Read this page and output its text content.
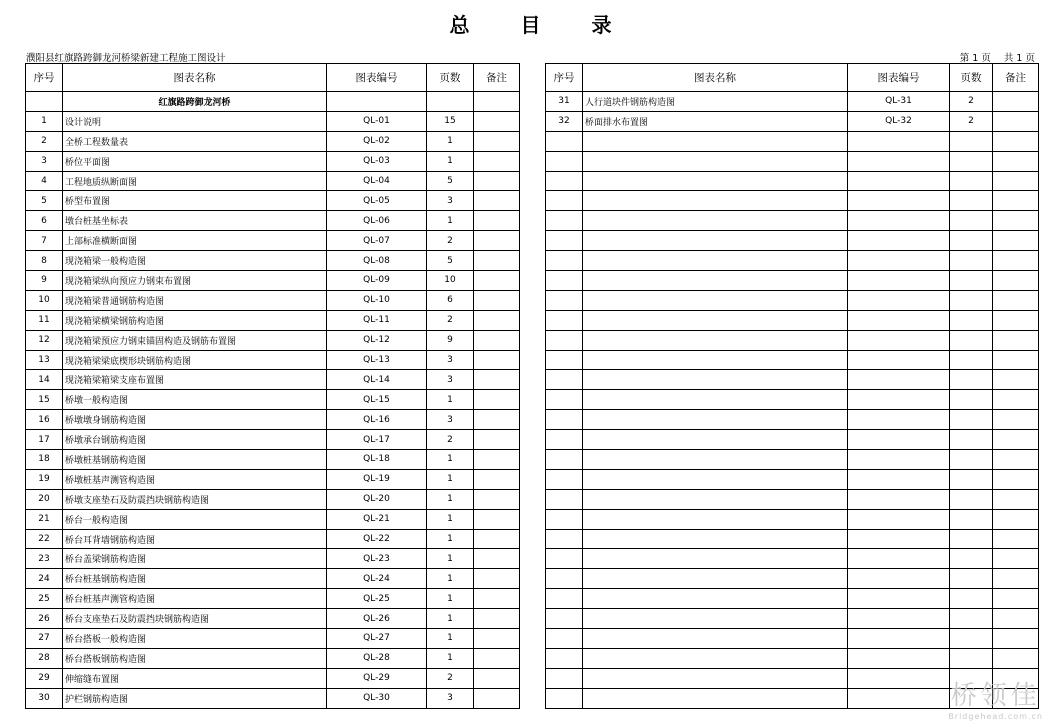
总 目 录
濮阳县红旗路跨御龙河桥梁新建工程施工图设计	第 1 页 共 1 页
序号	图表名称	图表编号	页数	备注
	红旗路跨御龙河桥			
1	设计说明	QL-01	15	
2	全桥工程数量表	QL-02	1	
3	桥位平面图	QL-03	1	
4	工程地质纵断面图	QL-04	5	
5	桥型布置图	QL-05	3	
6	墩台桩基坐标表	QL-06	1	
7	上部标准横断面图	QL-07	2	
8	现浇箱梁一般构造图	QL-08	5	
9	现浇箱梁纵向预应力钢束布置图	QL-09	10	
10	现浇箱梁普通钢筋构造图	QL-10	6	
11	现浇箱梁横梁钢筋构造图	QL-11	2	
12	现浇箱梁预应力钢束锚固构造及钢筋布置图	QL-12	9	
13	现浇箱梁梁底楔形块钢筋构造图	QL-13	3	
14	现浇箱梁箱梁支座布置图	QL-14	3	
15	桥墩一般构造图	QL-15	1	
16	桥墩墩身钢筋构造图	QL-16	3	
17	桥墩承台钢筋构造图	QL-17	2	
18	桥墩桩基钢筋构造图	QL-18	1	
19	桥墩桩基声测管构造图	QL-19	1	
20	桥墩支座垫石及防震挡块钢筋构造图	QL-20	1	
21	桥台一般构造图	QL-21	1	
22	桥台耳背墙钢筋构造图	QL-22	1	
23	桥台盖梁钢筋构造图	QL-23	1	
24	桥台桩基钢筋构造图	QL-24	1	
25	桥台桩基声测管构造图	QL-25	1	
26	桥台支座垫石及防震挡块钢筋构造图	QL-26	1	
27	桥台搭板一般构造图	QL-27	1	
28	桥台搭板钢筋构造图	QL-28	1	
29	伸缩缝布置图	QL-29	2	
30	护栏钢筋构造图	QL-30	3	
序号	图表名称	图表编号	页数	备注
31	人行道块件钢筋构造图	QL-31	2	
32	桥面排水布置图	QL-32	2	

桥领佳
Bridgehead.com.cn
